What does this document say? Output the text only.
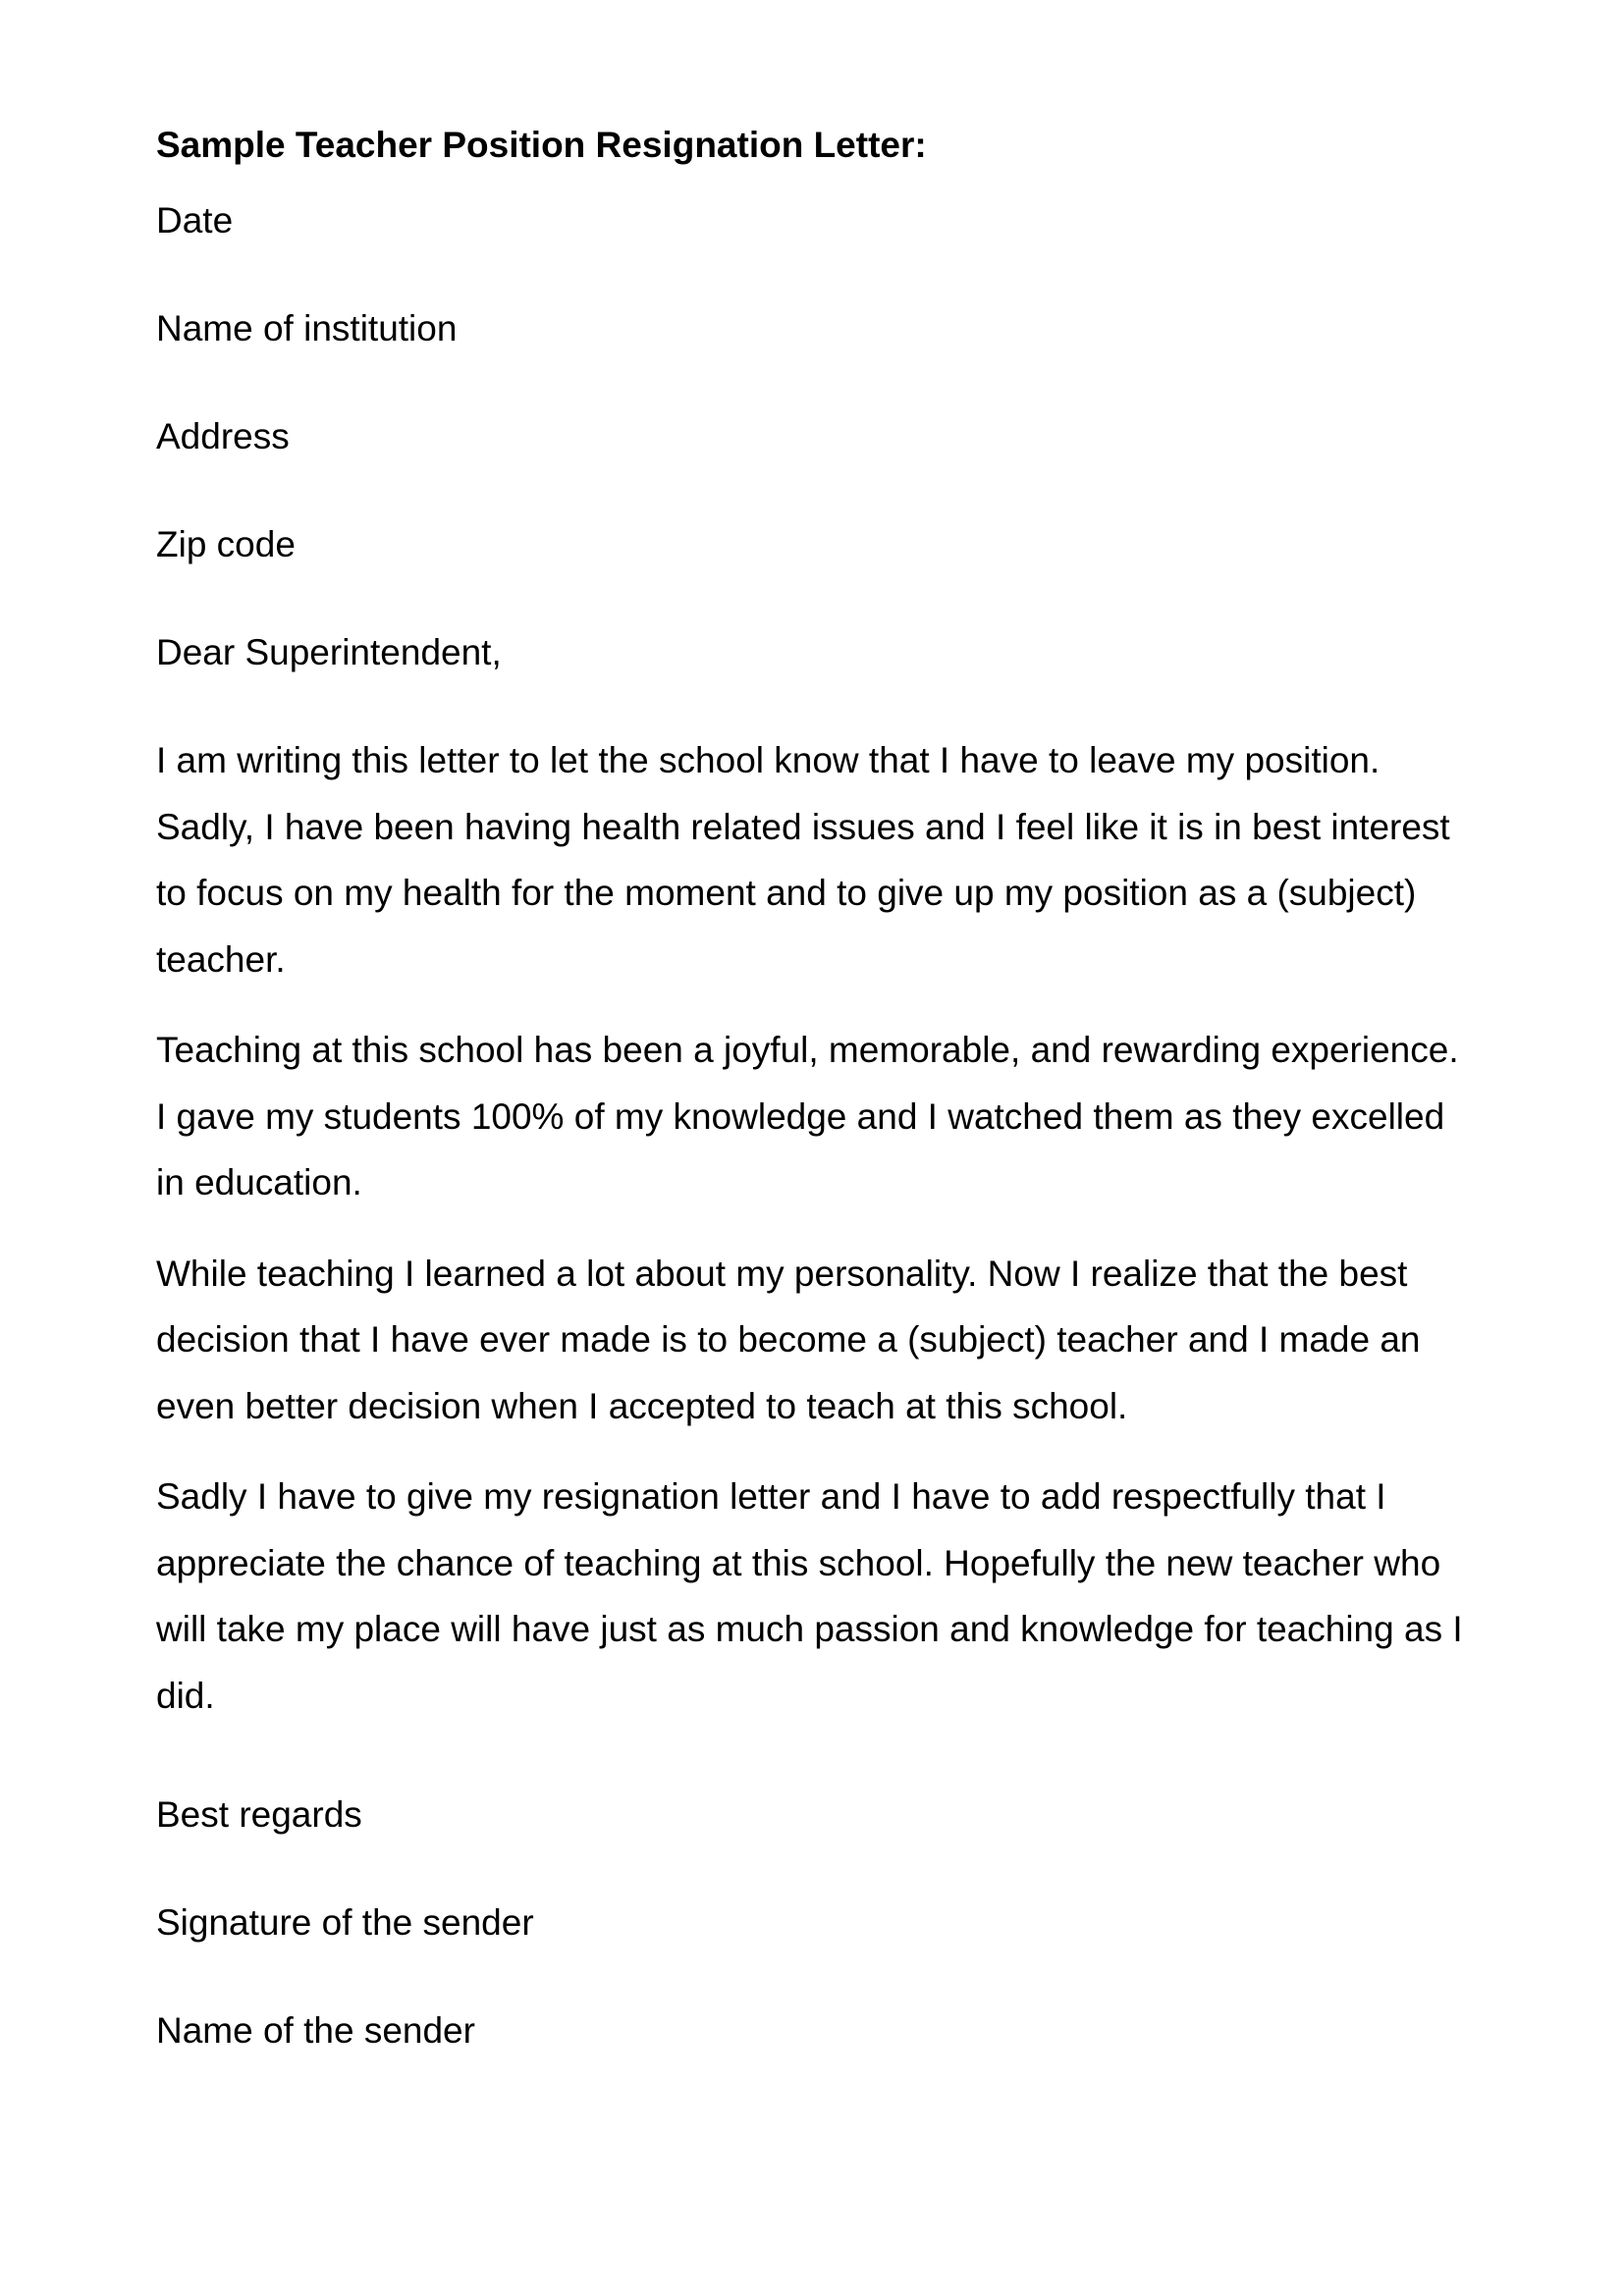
Sample Teacher Position Resignation Letter:
Date
Name of institution
Address
Zip code
Dear Superintendent,

I am writing this letter to let the school know that I have to leave my position. Sadly, I have been having health related issues and I feel like it is in best interest to focus on my health for the moment and to give up my position as a (subject) teacher.

Teaching at this school has been a joyful, memorable, and rewarding experience. I gave my students 100% of my knowledge and I watched them as they excelled in education.

While teaching I learned a lot about my personality. Now I realize that the best decision that I have ever made is to become a (subject) teacher and I made an even better decision when I accepted to teach at this school.

Sadly I have to give my resignation letter and I have to add respectfully that I appreciate the chance of teaching at this school. Hopefully the new teacher who will take my place will have just as much passion and knowledge for teaching as I did.

Best regards
Signature of the sender
Name of the sender
